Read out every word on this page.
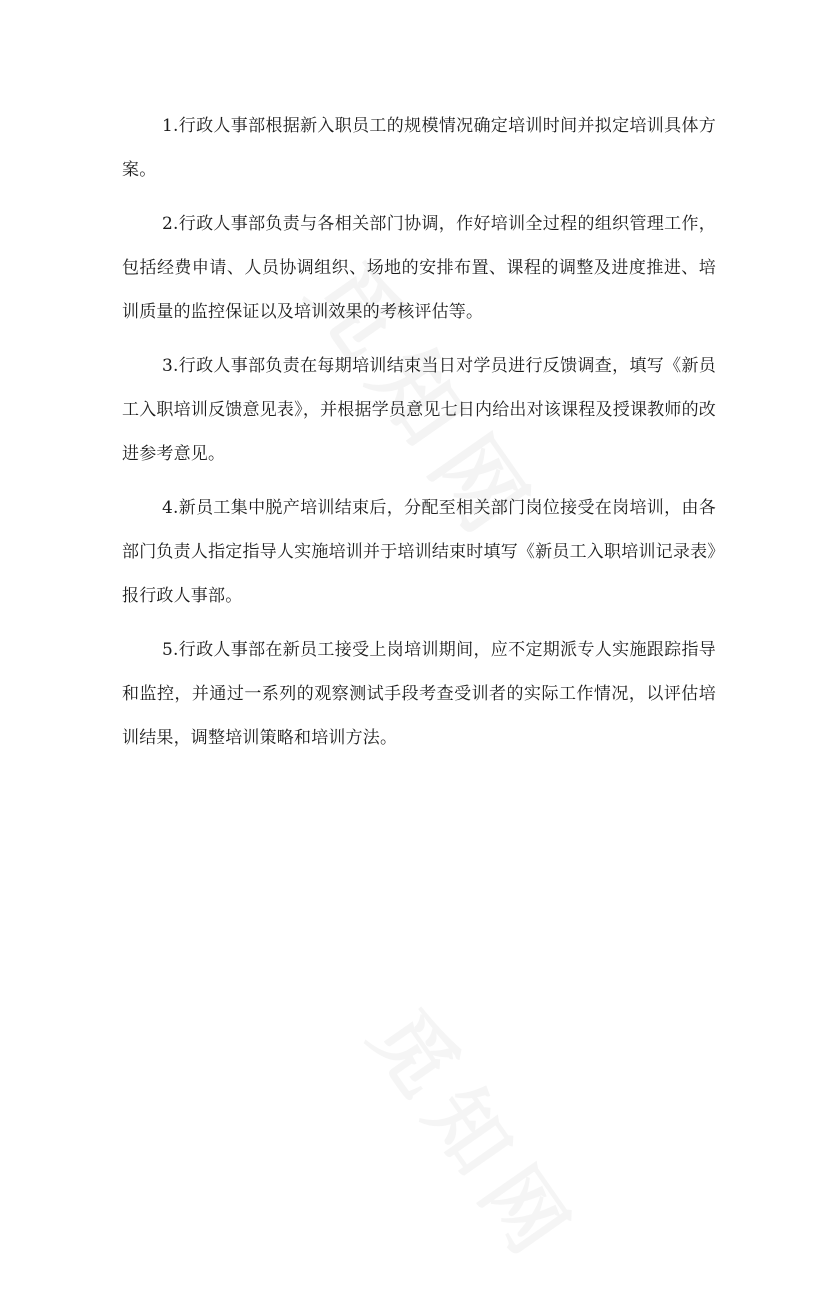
1.行政人事部根据新入职员工的规模情况确定培训时间并拟定培训具体方案。

2.行政人事部负责与各相关部门协调，作好培训全过程的组织管理工作，包括经费申请、人员协调组织、场地的安排布置、课程的调整及进度推进、培训质量的监控保证以及培训效果的考核评估等。

3.行政人事部负责在每期培训结束当日对学员进行反馈调查，填写《新员工入职培训反馈意见表》，并根据学员意见七日内给出对该课程及授课教师的改进参考意见。

4.新员工集中脱产培训结束后，分配至相关部门岗位接受在岗培训，由各部门负责人指定指导人实施培训并于培训结束时填写《新员工入职培训记录表》报行政人事部。

5.行政人事部在新员工接受上岗培训期间，应不定期派专人实施跟踪指导和监控，并通过一系列的观察测试手段考查受训者的实际工作情况，以评估培训结果，调整培训策略和培训方法。
